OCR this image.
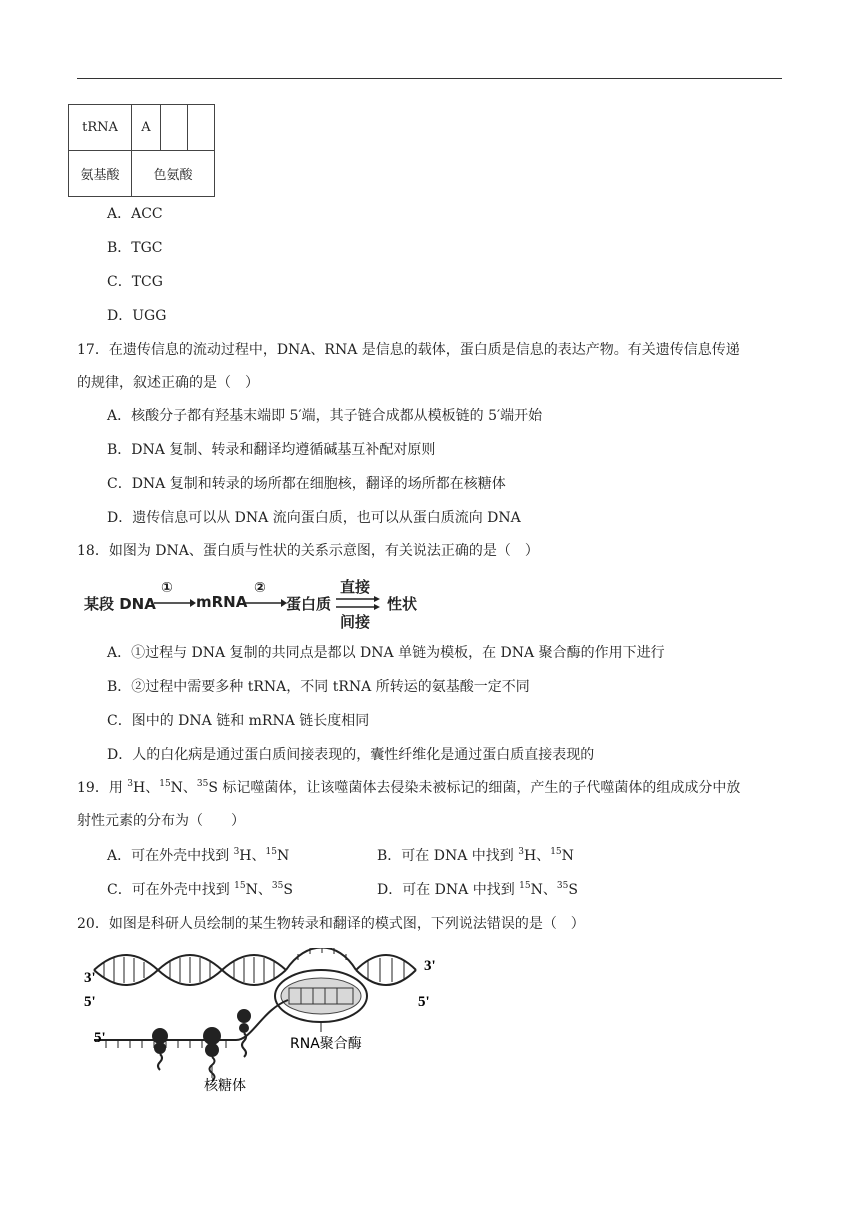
tRNA	A		
氨基酸	色氨酸		
A．ACC
B．TGC
C．TCG
D．UGG
17．在遗传信息的流动过程中，DNA、RNA 是信息的载体，蛋白质是信息的表达产物。有关遗传信息传递
的规律，叙述正确的是（　）
A．核酸分子都有羟基末端即 5′端，其子链合成都从模板链的 5′端开始
B．DNA 复制、转录和翻译均遵循碱基互补配对原则
C．DNA 复制和转录的场所都在细胞核，翻译的场所都在核糖体
D．遗传信息可以从 DNA 流向蛋白质，也可以从蛋白质流向 DNA
18．如图为 DNA、蛋白质与性状的关系示意图，有关说法正确的是（　）
某段 DNA
①
mRNA
②
蛋白质
直接
间接
性状
A．①过程与 DNA 复制的共同点是都以 DNA 单链为模板，在 DNA 聚合酶的作用下进行
B．②过程中需要多种 tRNA，不同 tRNA 所转运的氨基酸一定不同
C．图中的 DNA 链和 mRNA 链长度相同
D．人的白化病是通过蛋白质间接表现的，囊性纤维化是通过蛋白质直接表现的
19．用 $^3$H、$^{15}$N、$^{35}$S 标记噬菌体，让该噬菌体去侵染未被标记的细菌，产生的子代噬菌体的组成成分中放
射性元素的分布为（　　）
A．可在外壳中找到 $^3$H、$^{15}$N	B．可在 DNA 中找到 $^3$H、$^{15}$N
C．可在外壳中找到 $^{15}$N、$^{35}$S	D．可在 DNA 中找到 $^{15}$N、$^{35}$S
20．如图是科研人员绘制的某生物转录和翻译的模式图，下列说法错误的是（　）
3'
5'
3'
5'
5'	RNA聚合酶
核糖体
